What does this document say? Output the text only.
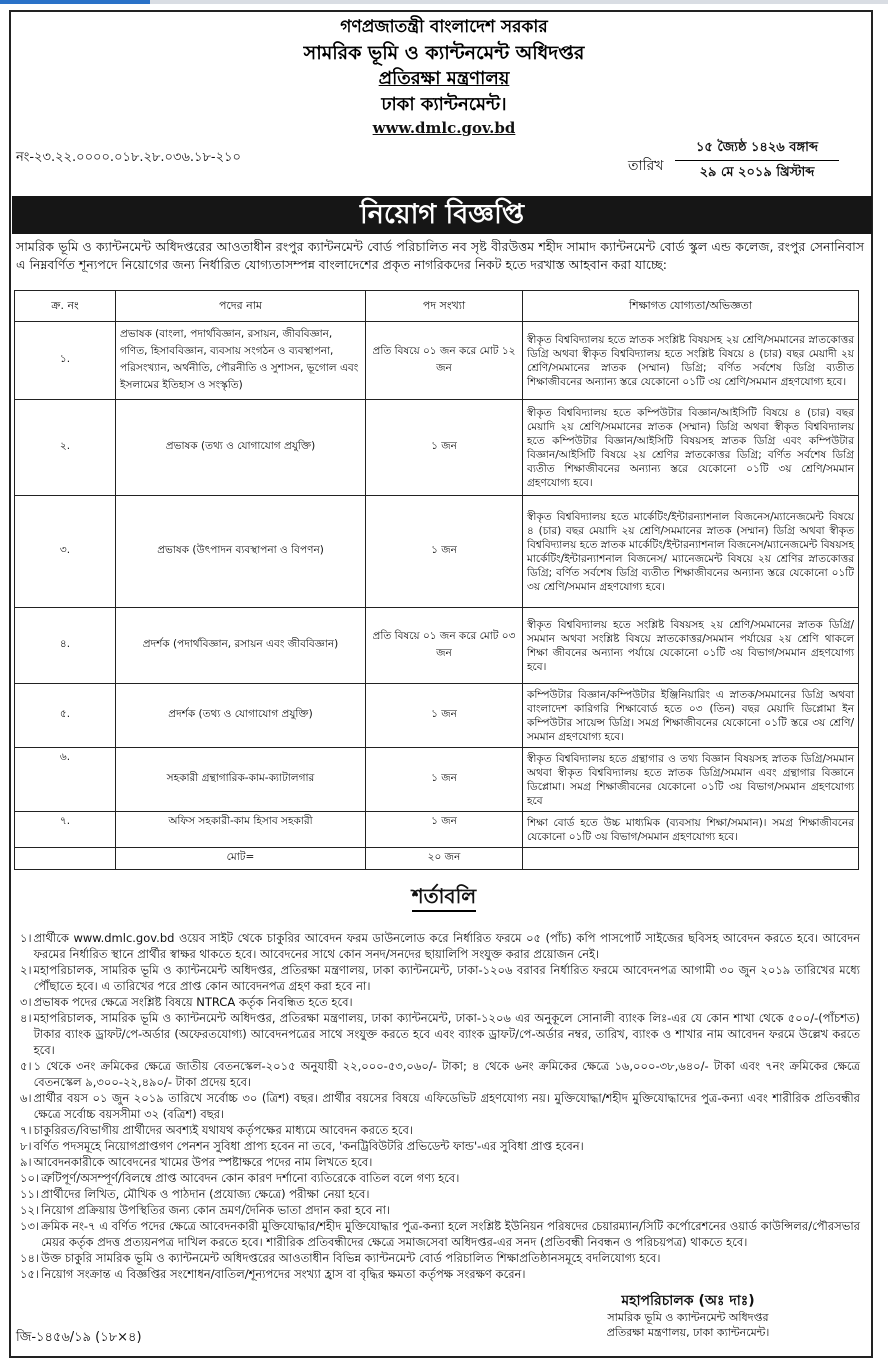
গণপ্রজাতন্ত্রী বাংলাদেশ সরকার
সামরিক ভূমি ও ক্যান্টনমেন্ট অধিদপ্তর
প্রতিরক্ষা মন্ত্রণালয়
ঢাকা ক্যান্টনমেন্ট।
www.dmlc.gov.bd
নং-২৩.২২.০০০০.০১৮.২৮.০৩৬.১৮-২১০
তারিখ
১৫ জ্যৈষ্ঠ ১৪২৬ বঙ্গাব্দ
২৯ মে ২০১৯ খ্রিস্টাব্দ
নিয়োগ বিজ্ঞপ্তি
সামরিক ভূমি ও ক্যান্টনমেন্ট অধিদপ্তরের আওতাধীন রংপুর ক্যান্টনমেন্ট বোর্ড পরিচালিত নব সৃষ্ট বীরউত্তম শহীদ সামাদ ক্যান্টনমেন্ট বোর্ড স্কুল এন্ড কলেজ, রংপুর সেনানিবাস এ নিম্নবর্ণিত শূন্যপদে নিয়োগের জন্য নির্ধারিত যোগ্যতাসম্পন্ন বাংলাদেশের প্রকৃত নাগরিকদের নিকট হতে দরখাস্ত আহবান করা যাচ্ছে:
ক্র. নং	পদের নাম	পদ সংখ্যা	শিক্ষাগত যোগ্যতা/অভিজ্ঞতা
১.	প্রভাষক (বাংলা, পদার্থবিজ্ঞান, রসায়ন, জীববিজ্ঞান, গণিত, হিসাববিজ্ঞান, ব্যবসায় সংগঠন ও ব্যবস্থাপনা, পরিসংখ্যান, অর্থনীতি, পৌরনীতি ও সুশাসন, ভূগোল এবং ইসলামের ইতিহাস ও সংস্কৃতি)	প্রতি বিষয়ে ০১ জন করে মোট ১২ জন	স্বীকৃত বিশ্ববিদ্যালয় হতে স্নাতক সংশ্লিষ্ট বিষয়সহ ২য় শ্রেণি/সমমানের স্নাতকোত্তর ডিগ্রি অথবা স্বীকৃত বিশ্ববিদ্যালয় হতে সংশ্লিষ্ট বিষয়ে ৪ (চার) বছর মেয়াদী ২য় শ্রেণি/সমমানের স্নাতক (সম্মান) ডিগ্রি; বর্ণিত সর্বশেষ ডিগ্রি ব্যতীত শিক্ষাজীবনের অন্যান্য স্তরে যেকোনো ০১টি ৩য় শ্রেণি/সমমান গ্রহণযোগ্য হবে।
২.	প্রভাষক (তথ্য ও যোগাযোগ প্রযুক্তি)	১ জন	স্বীকৃত বিশ্ববিদ্যালয় হতে কম্পিউটার বিজ্ঞান/আইসিটি বিষয়ে ৪ (চার) বছর মেয়াদি ২য় শ্রেণি/সমমানের স্নাতক (সম্মান) ডিগ্রি অথবা স্বীকৃত বিশ্ববিদ্যালয় হতে কম্পিউটার বিজ্ঞান/আইসিটি বিষয়সহ স্নাতক ডিগ্রি এবং কম্পিউটার বিজ্ঞান/আইসিটি বিষয়ে ২য় শ্রেণির স্নাতকোত্তর ডিগ্রি; বর্ণিত সর্বশেষ ডিগ্রি ব্যতীত শিক্ষাজীবনের অন্যান্য স্তরে যেকোনো ০১টি ৩য় শ্রেণি/সমমান গ্রহণযোগ্য হবে।
৩.	প্রভাষক (উৎপাদন ব্যবস্থাপনা ও বিপণন)	১ জন	স্বীকৃত বিশ্ববিদ্যালয় হতে মার্কেটিং/ইন্টারন্যাশনাল বিজনেস/ম্যানেজমেন্ট বিষয়ে ৪ (চার) বছর মেয়াদি ২য় শ্রেণি/সমমানের স্নাতক (সম্মান) ডিগ্রি অথবা স্বীকৃত বিশ্ববিদ্যালয় হতে স্নাতক মার্কেটিং/ইন্টারন্যাশনাল বিজনেস/ম্যানেজমেন্ট বিষয়সহ মার্কেটিং/ইন্টারন্যাশনাল বিজনেস/ ম্যানেজমেন্ট বিষয়ে ২য় শ্রেণির স্নাতকোত্তর ডিগ্রি; বর্ণিত সর্বশেষ ডিগ্রি ব্যতীত শিক্ষাজীবনের অন্যান্য স্তরে যেকোনো ০১টি ৩য় শ্রেণি/সমমান গ্রহণযোগ্য হবে।
৪.	প্রদর্শক (পদার্থবিজ্ঞান, রসায়ন এবং জীববিজ্ঞান)	প্রতি বিষয়ে ০১ জন করে মোট ০৩ জন	স্বীকৃত বিশ্ববিদ্যালয় হতে সংশ্লিষ্ট বিষয়সহ ২য় শ্রেণি/সমমানের স্নাতক ডিগ্রি/সমমান অথবা সংশ্লিষ্ট বিষয়ে স্নাতকোত্তর/সমমান পর্যায়ের ২য় শ্রেণি থাকলে শিক্ষা জীবনের অন্যান্য পর্যায়ে যেকোনো ০১টি ৩য় বিভাগ/সমমান গ্রহণযোগ্য হবে।
৫.	প্রদর্শক (তথ্য ও যোগাযোগ প্রযুক্তি)	১ জন	কম্পিউটার বিজ্ঞান/কম্পিউটার ইঞ্জিনিয়ারিং এ স্নাতক/সমমানের ডিগ্রি অথবা বাংলাদেশ কারিগরি শিক্ষাবোর্ড হতে ০৩ (তিন) বছর মেয়াদি ডিপ্লোমা ইন কম্পিউটার সায়েন্স ডিগ্রি। সমগ্র শিক্ষাজীবনের যেকোনো ০১টি স্তরে ৩য় শ্রেণি/সমমান গ্রহণযোগ্য হবে।
৬.	সহকারী গ্রন্থাগারিক-কাম-ক্যাটালগার	১ জন	স্বীকৃত বিশ্ববিদ্যালয় হতে গ্রন্থাগার ও তথ্য বিজ্ঞান বিষয়সহ স্নাতক ডিগ্রি/সমমান অথবা স্বীকৃত বিশ্ববিদ্যালয় হতে স্নাতক ডিগ্রি/সমমান এবং গ্রন্থাগার বিজ্ঞানে ডিপ্লোমা। সমগ্র শিক্ষাজীবনের যেকোনো ০১টি ৩য় বিভাগ/সমমান গ্রহণযোগ্য হবে
৭.	অফিস সহকারী-কাম হিসাব সহকারী	১ জন	শিক্ষা বোর্ড হতে উচ্চ মাধ্যমিক (ব্যবসায় শিক্ষা/সমমান)। সমগ্র শিক্ষাজীবনের যেকোনো ০১টি ৩য় বিভাগ/সমমান গ্রহণযোগ্য হবে।
	মোট=	২০ জন	
শর্তাবলি
১। প্রার্থীকে www.dmlc.gov.bd ওয়েব সাইট থেকে চাকুরির আবেদন ফরম ডাউনলোড করে নির্ধারিত ফরমে ০৫ (পাঁচ) কপি পাসপোর্ট সাইজের ছবিসহ আবেদন করতে হবে। আবেদন ফরমের নির্ধারিত স্থানে প্রার্থীর স্বাক্ষর থাকতে হবে। আবেদনের সাথে কোন সনদ/সনদের ছায়ালিপি সংযুক্ত করার প্রয়োজন নেই।
২। মহাপরিচালক, সামরিক ভূমি ও ক্যান্টনমেন্ট অধিদপ্তর, প্রতিরক্ষা মন্ত্রণালয়, ঢাকা ক্যান্টনমেন্ট, ঢাকা-১২০৬ বরাবর নির্ধারিত ফরমে আবেদনপত্র আগামী ৩০ জুন ২০১৯ তারিখের মধ্যে পৌঁছাতে হবে। এ তারিখের পরে প্রাপ্ত কোন আবেদনপত্র গ্রহণ করা হবে না।
৩। প্রভাষক পদের ক্ষেত্রে সংশ্লিষ্ট বিষয়ে NTRCA কর্তৃক নিবন্ধিত হতে হবে।
৪। মহাপরিচালক, সামরিক ভূমি ও ক্যান্টনমেন্ট অধিদপ্তর, প্রতিরক্ষা মন্ত্রণালয়, ঢাকা ক্যান্টনমেন্ট, ঢাকা-১২০৬ এর অনুকূলে সোনালী ব্যাংক লিঃ-এর যে কোন শাখা থেকে ৫০০/-(পাঁচশত) টাকার ব্যাংক ড্রাফট/পে-অর্ডার (অফেরতযোগ্য) আবেদনপত্রের সাথে সংযুক্ত করতে হবে এবং ব্যাংক ড্রাফট/পে-অর্ডার নম্বর, তারিখ, ব্যাংক ও শাখার নাম আবেদন ফরমে উল্লেখ করতে হবে।
৫। ১ থেকে ৩নং ক্রমিকের ক্ষেত্রে জাতীয় বেতনস্কেল-২০১৫ অনুযায়ী ২২,০০০-৫৩,০৬০/- টাকা; ৪ থেকে ৬নং ক্রমিকের ক্ষেত্রে ১৬,০০০-৩৮,৬৪০/- টাকা এবং ৭নং ক্রমিকের ক্ষেত্রে বেতনস্কেল ৯,৩০০-২২,৪৯০/- টাকা প্রদেয় হবে।
৬। প্রার্থীর বয়স ০১ জুন ২০১৯ তারিখে সর্বোচ্চ ৩০ (ত্রিশ) বছর। প্রার্থীর বয়সের বিষয়ে এফিডেভিট গ্রহণযোগ্য নয়। মুক্তিযোদ্ধা/শহীদ মুক্তিযোদ্ধাদের পুত্র-কন্যা এবং শারীরিক প্রতিবন্ধীর ক্ষেত্রে সর্বোচ্চ বয়সসীমা ৩২ (বত্রিশ) বছর।
৭। চাকুরিরত/বিভাগীয় প্রার্থীদের অবশ্যই যথাযথ কর্তৃপক্ষের মাধ্যমে আবেদন করতে হবে।
৮। বর্ণিত পদসমূহে নিয়োগপ্রাপ্তগণ পেনশন সুবিধা প্রাপ্য হবেন না তবে, 'কনট্রিবিউটরি প্রভিডেন্ট ফান্ড'-এর সুবিধা প্রাপ্ত হবেন।
৯। আবেদনকারীকে আবেদনের খামের উপর স্পষ্টাক্ষরে পদের নাম লিখতে হবে।
১০। ত্রুটিপূর্ণ/অসম্পূর্ণ/বিলম্বে প্রাপ্ত আবেদন কোন কারণ দর্শানো ব্যতিরেকে বাতিল বলে গণ্য হবে।
১১। প্রার্থীদের লিখিত, মৌখিক ও পাঠদান (প্রযোজ্য ক্ষেত্রে) পরীক্ষা নেয়া হবে।
১২। নিয়োগ প্রক্রিয়ায় উপস্থিতির জন্য কোন ভ্রমণ/দৈনিক ভাতা প্রদান করা হবে না।
১৩। ক্রমিক নং-৭ এ বর্ণিত পদের ক্ষেত্রে আবেদনকারী মুক্তিযোদ্ধার/শহীদ মুক্তিযোদ্ধার পুত্র-কন্যা হলে সংশ্লিষ্ট ইউনিয়ন পরিষদের চেয়ারম্যান/সিটি কর্পোরেশনের ওয়ার্ড কাউন্সিলর/পৌরসভার মেয়র কর্তৃক প্রদত্ত প্রত্যয়নপত্র দাখিল করতে হবে। শারীরিক প্রতিবন্ধীদের ক্ষেত্রে সমাজসেবা অধিদপ্তর-এর সনদ (প্রতিবন্ধী নিবন্ধন ও পরিচয়পত্র) থাকতে হবে।
১৪। উক্ত চাকুরি সামরিক ভূমি ও ক্যান্টনমেন্ট অধিদপ্তরের আওতাধীন বিভিন্ন ক্যান্টনমেন্ট বোর্ড পরিচালিত শিক্ষাপ্রতিষ্ঠানসমূহে বদলিযোগ্য হবে।
১৫। নিয়োগ সংক্রান্ত এ বিজ্ঞপ্তির সংশোধন/বাতিল/শূন্যপদের সংখ্যা হ্রাস বা বৃদ্ধির ক্ষমতা কর্তৃপক্ষ সংরক্ষণ করেন।
মহাপরিচালক (অঃ দাঃ)
সামরিক ভূমি ও ক্যান্টনমেন্ট অধিদপ্তর
প্রতিরক্ষা মন্ত্রণালয়, ঢাকা ক্যান্টনমেন্ট।
জি-১৪৫৬/১৯ (১৮×৪)
